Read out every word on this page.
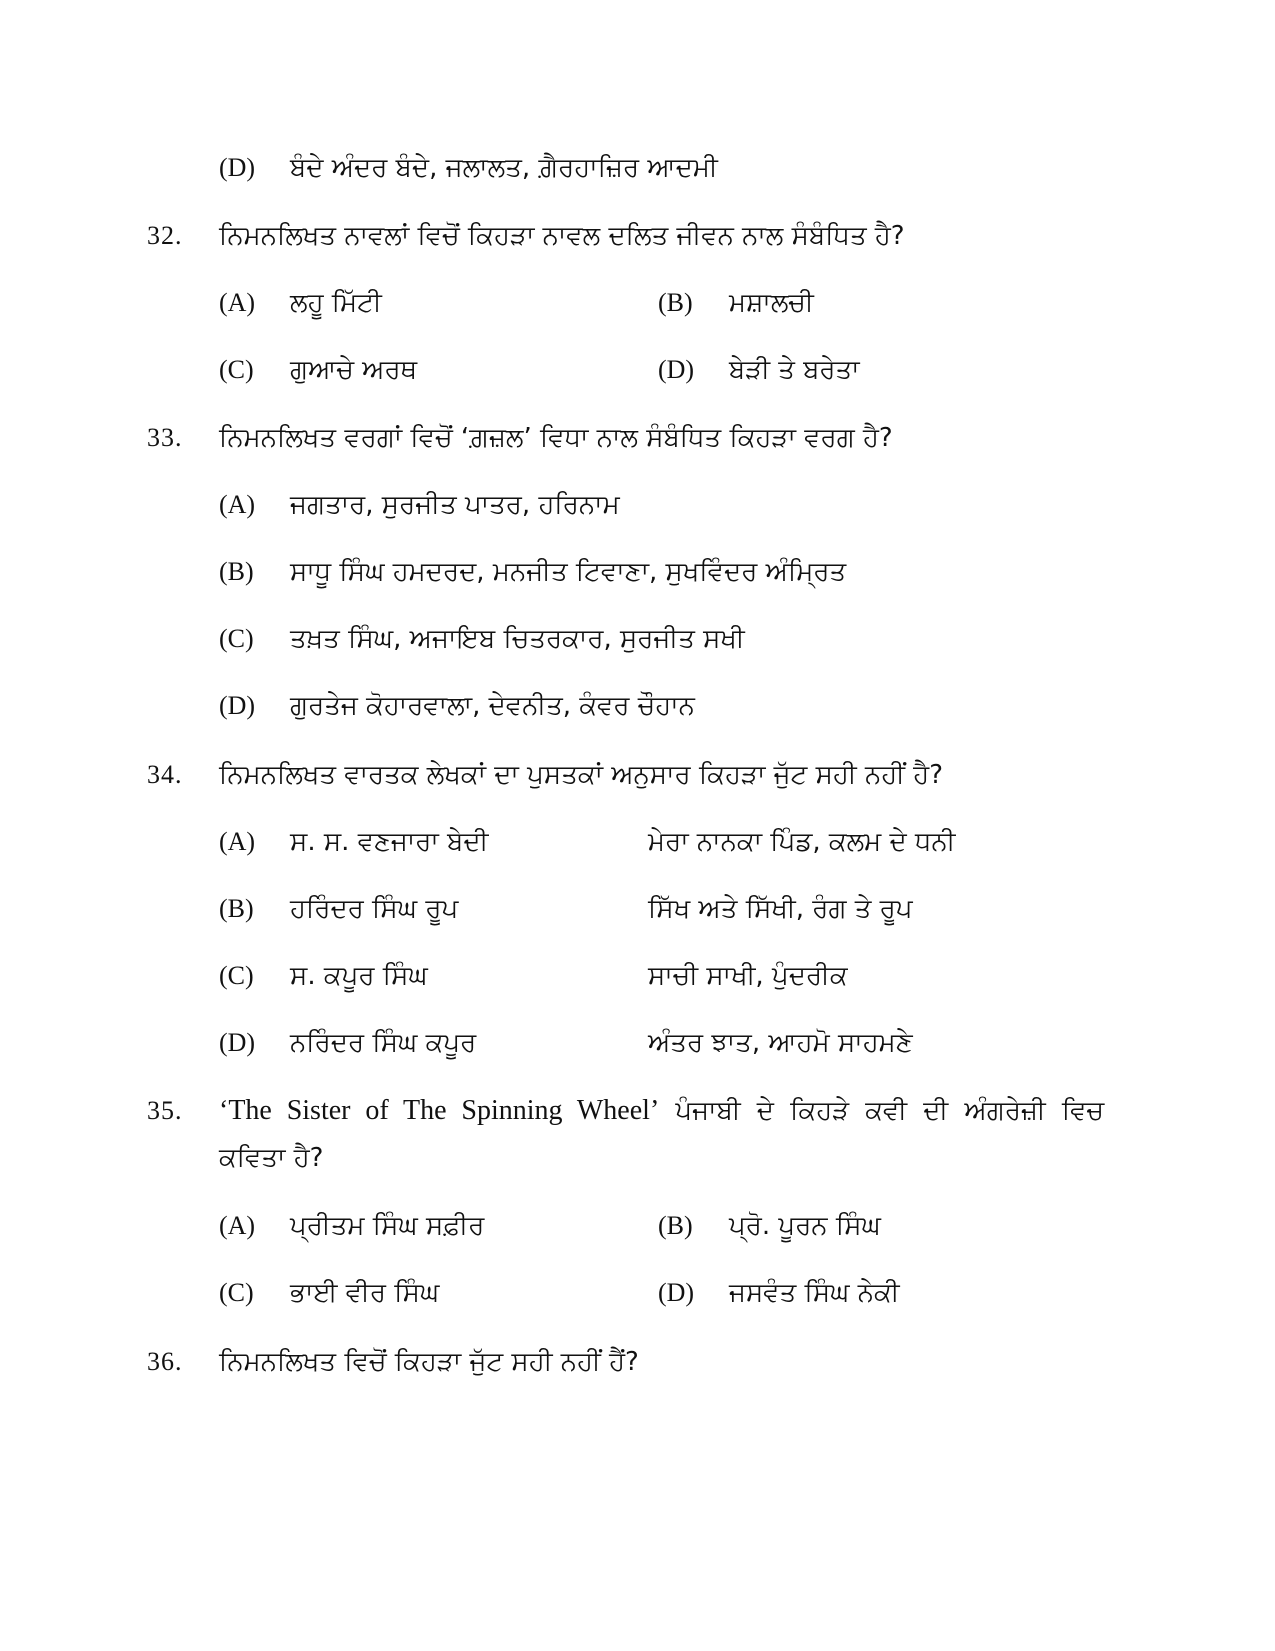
(D) ਬੰਦੇ ਅੰਦਰ ਬੰਦੇ, ਜਲਾਲਤ, ਗ਼ੈਰਹਾਜ਼ਿਰ ਆਦਮੀ
32. ਨਿਮਨਲਿਖਤ ਨਾਵਲਾਂ ਵਿਚੋਂ ਕਿਹੜਾ ਨਾਵਲ ਦਲਿਤ ਜੀਵਨ ਨਾਲ ਸੰਬੰਧਿਤ ਹੈ?
(A) ਲਹੂ ਮਿੱਟੀ	(B) ਮਸ਼ਾਲਚੀ
(C) ਗੁਆਚੇ ਅਰਥ	(D) ਬੇੜੀ ਤੇ ਬਰੇਤਾ
33. ਨਿਮਨਲਿਖਤ ਵਰਗਾਂ ਵਿਚੋਂ ‘ਗ਼ਜ਼ਲ’ ਵਿਧਾ ਨਾਲ ਸੰਬੰਧਿਤ ਕਿਹੜਾ ਵਰਗ ਹੈ?
(A) ਜਗਤਾਰ, ਸੁਰਜੀਤ ਪਾਤਰ, ਹਰਿਨਾਮ
(B) ਸਾਧੂ ਸਿੰਘ ਹਮਦਰਦ, ਮਨਜੀਤ ਟਿਵਾਣਾ, ਸੁਖਵਿੰਦਰ ਅੰਮ੍ਰਿਤ
(C) ਤਖ਼ਤ ਸਿੰਘ, ਅਜਾਇਬ ਚਿਤਰਕਾਰ, ਸੁਰਜੀਤ ਸਖੀ
(D) ਗੁਰਤੇਜ ਕੋਹਾਰਵਾਲਾ, ਦੇਵਨੀਤ, ਕੰਵਰ ਚੌਹਾਨ
34. ਨਿਮਨਲਿਖਤ ਵਾਰਤਕ ਲੇਖਕਾਂ ਦਾ ਪੁਸਤਕਾਂ ਅਨੁਸਾਰ ਕਿਹੜਾ ਜੁੱਟ ਸਹੀ ਨਹੀਂ ਹੈ?
(A) ਸ. ਸ. ਵਣਜਾਰਾ ਬੇਦੀ	ਮੇਰਾ ਨਾਨਕਾ ਪਿੰਡ, ਕਲਮ ਦੇ ਧਨੀ
(B) ਹਰਿੰਦਰ ਸਿੰਘ ਰੂਪ	ਸਿੱਖ ਅਤੇ ਸਿੱਖੀ, ਰੰਗ ਤੇ ਰੂਪ
(C) ਸ. ਕਪੂਰ ਸਿੰਘ	ਸਾਚੀ ਸਾਖੀ, ਪੁੰਦਰੀਕ
(D) ਨਰਿੰਦਰ ਸਿੰਘ ਕਪੂਰ	ਅੰਤਰ ਝਾਤ, ਆਹਮੋ ਸਾਹਮਣੇ
35. ‘The Sister of The Spinning Wheel’ ਪੰਜਾਬੀ ਦੇ ਕਿਹੜੇ ਕਵੀ ਦੀ ਅੰਗਰੇਜ਼ੀ ਵਿਚ
ਕਵਿਤਾ ਹੈ?
(A) ਪ੍ਰੀਤਮ ਸਿੰਘ ਸਫ਼ੀਰ	(B) ਪ੍ਰੋ. ਪੂਰਨ ਸਿੰਘ
(C) ਭਾਈ ਵੀਰ ਸਿੰਘ	(D) ਜਸਵੰਤ ਸਿੰਘ ਨੇਕੀ
36. ਨਿਮਨਲਿਖਤ ਵਿਚੋਂ ਕਿਹੜਾ ਜੁੱਟ ਸਹੀ ਨਹੀਂ ਹੈਂ?
